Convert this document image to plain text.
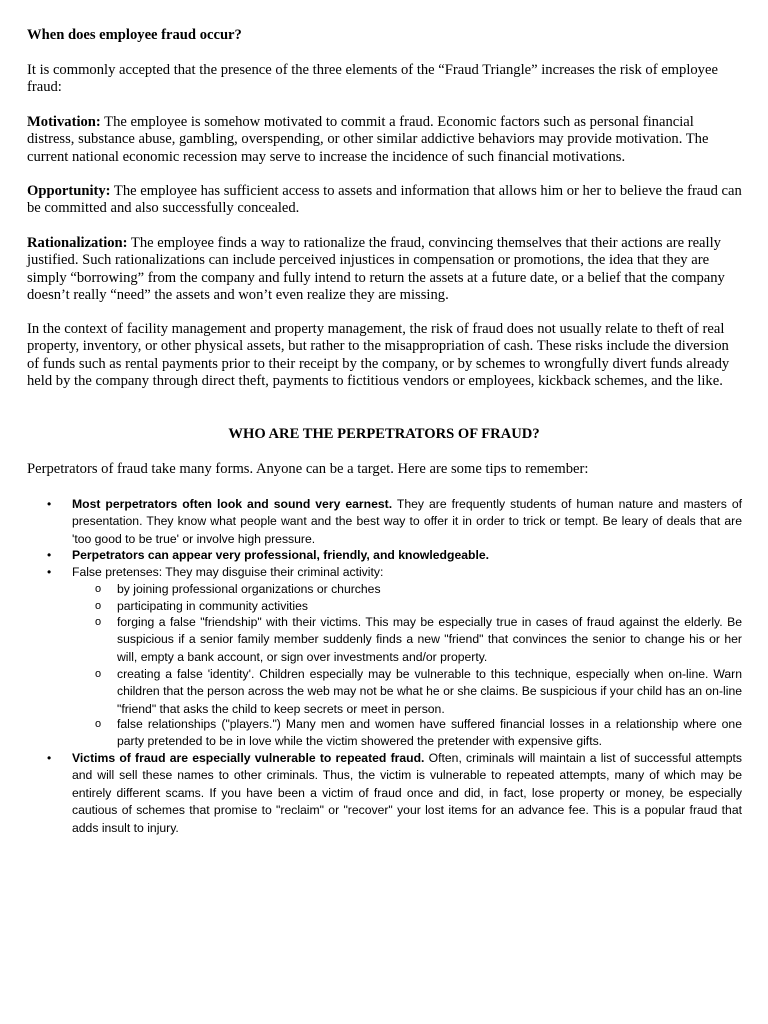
When does employee fraud occur?

It is commonly accepted that the presence of the three elements of the “Fraud Triangle” increases the risk of employee fraud:

Motivation: The employee is somehow motivated to commit a fraud. Economic factors such as personal financial distress, substance abuse, gambling, overspending, or other similar addictive behaviors may provide motivation. The current national economic recession may serve to increase the incidence of such financial motivations.

Opportunity: The employee has sufficient access to assets and information that allows him or her to believe the fraud can be committed and also successfully concealed.

Rationalization: The employee finds a way to rationalize the fraud, convincing themselves that their actions are really justified. Such rationalizations can include perceived injustices in compensation or promotions, the idea that they are simply “borrowing” from the company and fully intend to return the assets at a future date, or a belief that the company doesn’t really “need” the assets and won’t even realize they are missing.

In the context of facility management and property management, the risk of fraud does not usually relate to theft of real property, inventory, or other physical assets, but rather to the misappropriation of cash. These risks include the diversion of funds such as rental payments prior to their receipt by the company, or by schemes to wrongfully divert funds already held by the company through direct theft, payments to fictitious vendors or employees, kickback schemes, and the like.

WHO ARE THE PERPETRATORS OF FRAUD?

Perpetrators of fraud take many forms. Anyone can be a target. Here are some tips to remember:

• Most perpetrators often look and sound very earnest. They are frequently students of human nature and masters of presentation. They know what people want and the best way to offer it in order to trick or tempt. Be leary of deals that are 'too good to be true' or involve high pressure.

• Perpetrators can appear very professional, friendly, and knowledgeable.

• False pretenses: They may disguise their criminal activity:

o by joining professional organizations or churches

o participating in community activities

o forging a false "friendship" with their victims. This may be especially true in cases of fraud against the elderly. Be suspicious if a senior family member suddenly finds a new "friend" that convinces the senior to change his or her will, empty a bank account, or sign over investments and/or property.

o creating a false 'identity'. Children especially may be vulnerable to this technique, especially when on-line. Warn children that the person across the web may not be what he or she claims. Be suspicious if your child has an on-line "friend" that asks the child to keep secrets or meet in person.

o false relationships ("players.") Many men and women have suffered financial losses in a relationship where one party pretended to be in love while the victim showered the pretender with expensive gifts.

• Victims of fraud are especially vulnerable to repeated fraud. Often, criminals will maintain a list of successful attempts and will sell these names to other criminals. Thus, the victim is vulnerable to repeated attempts, many of which may be entirely different scams. If you have been a victim of fraud once and did, in fact, lose property or money, be especially cautious of schemes that promise to "reclaim" or "recover" your lost items for an advance fee. This is a popular fraud that adds insult to injury.
